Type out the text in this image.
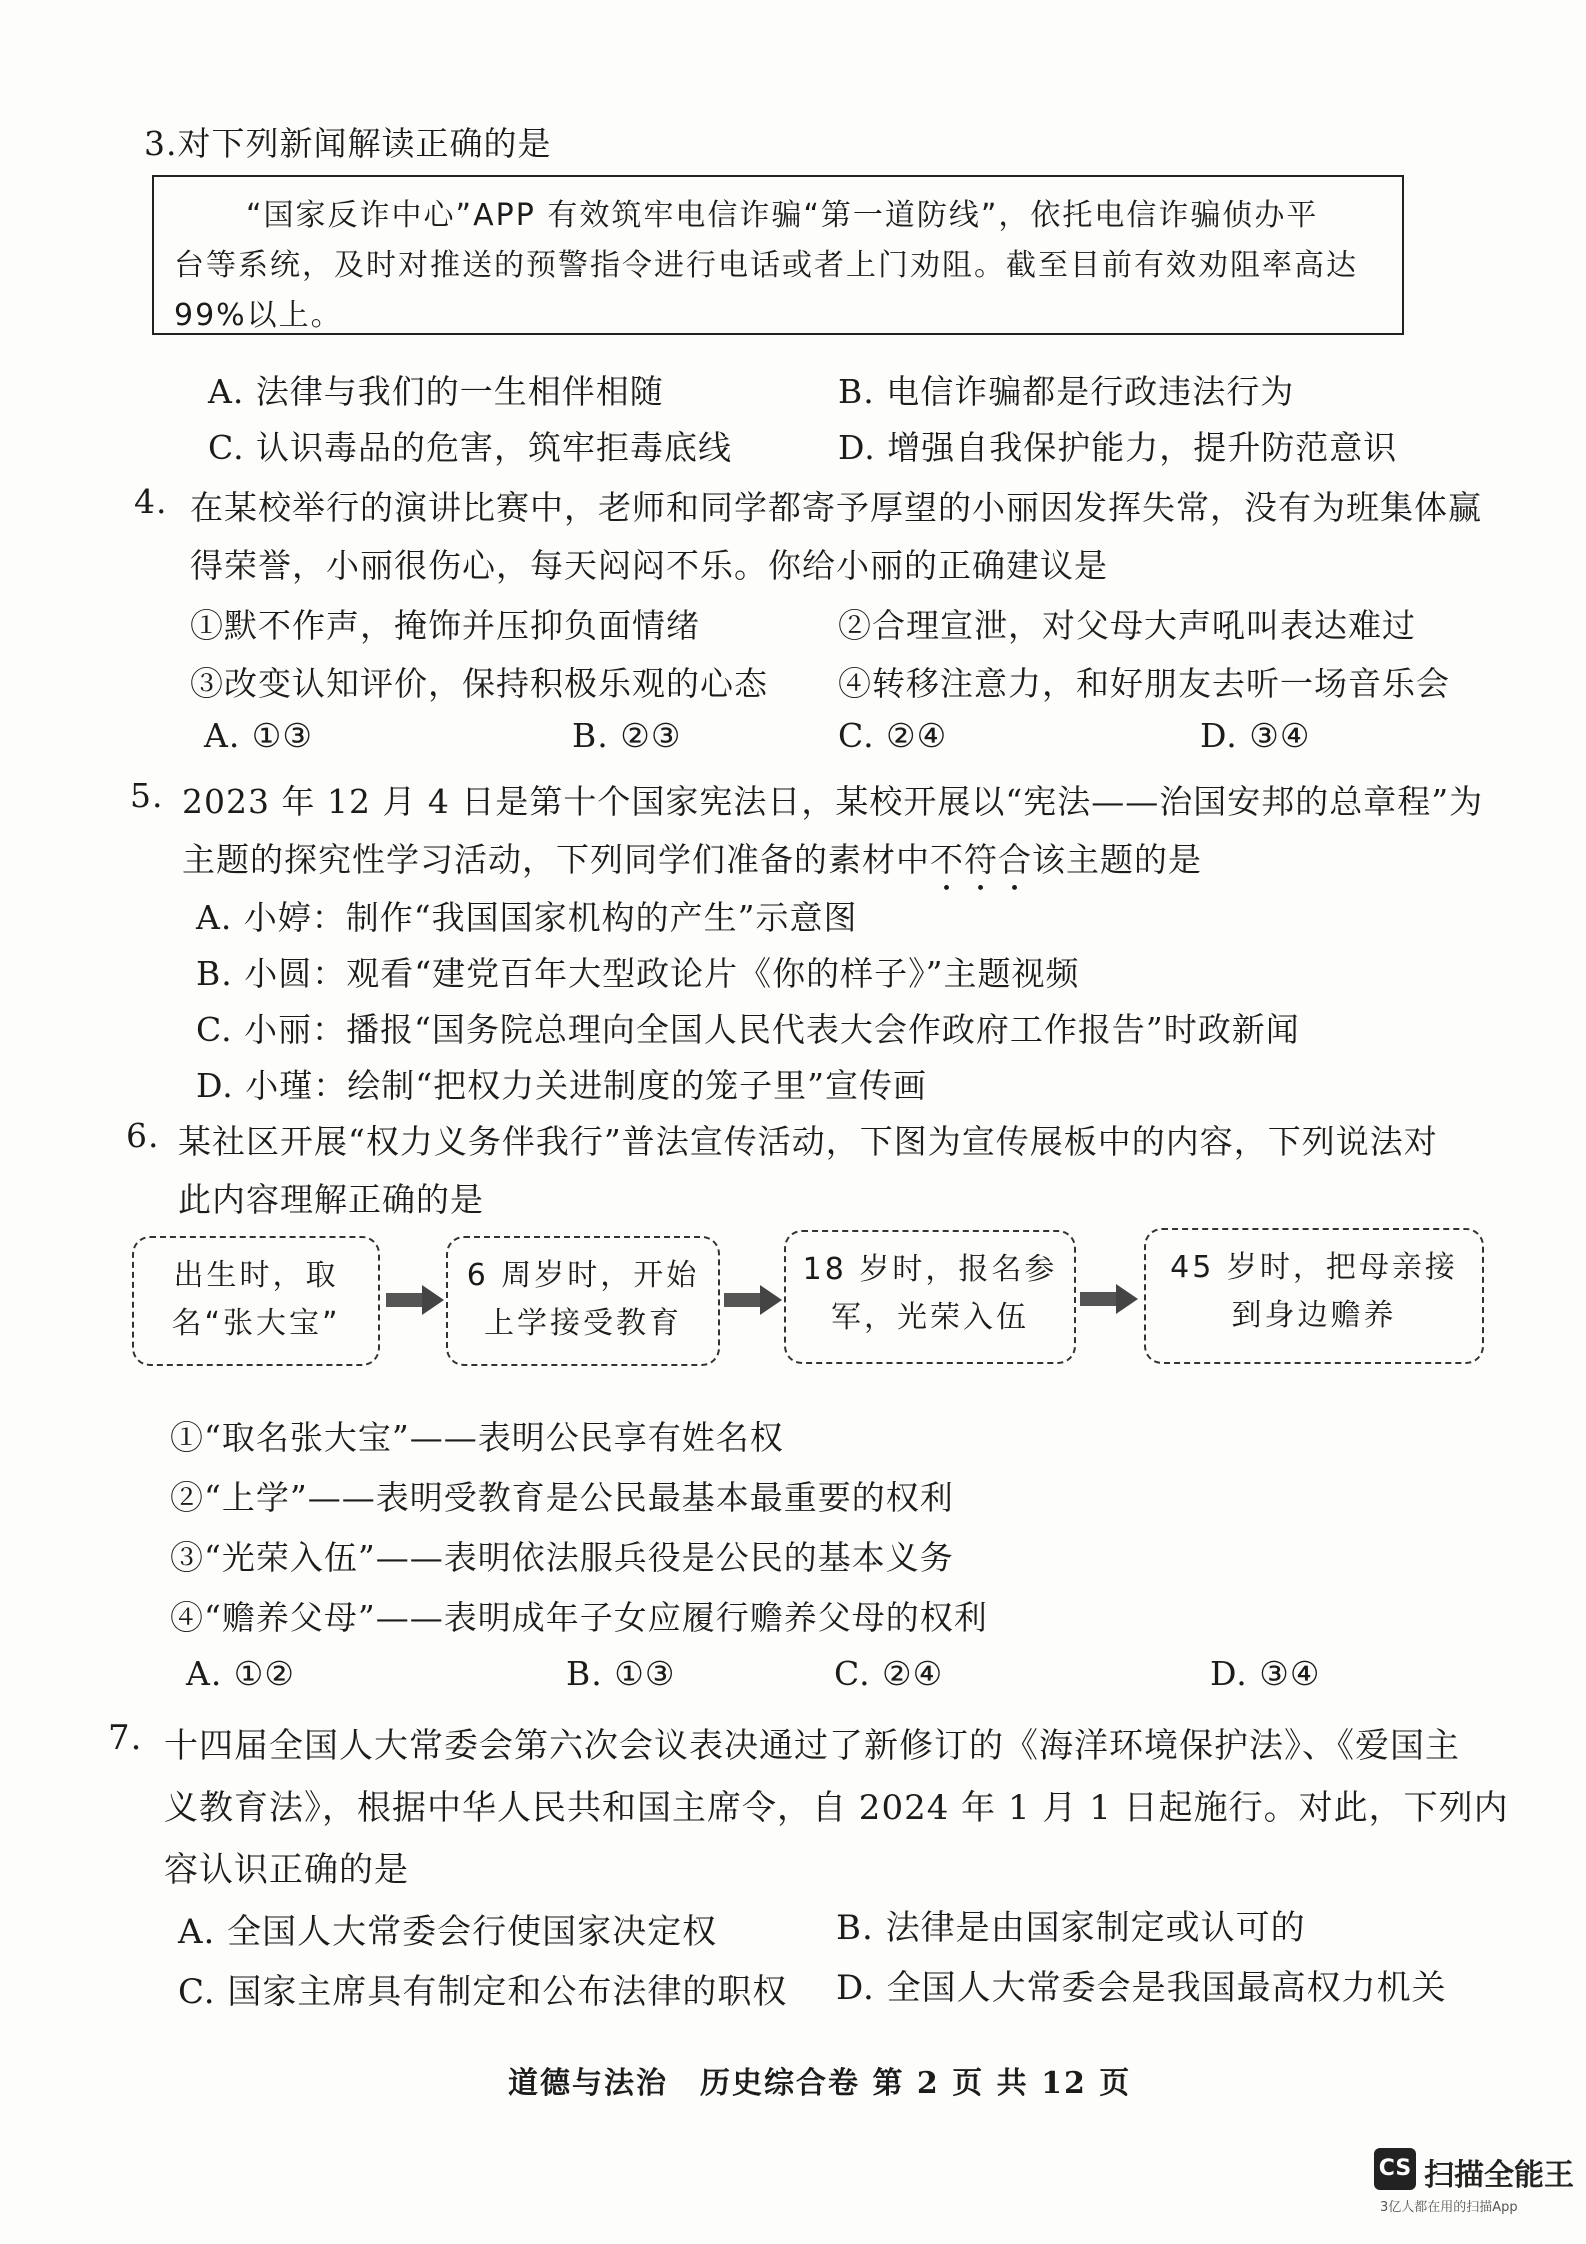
3.对下列新闻解读正确的是
“国家反诈中心”APP 有效筑牢电信诈骗“第一道防线”，依托电信诈骗侦办平
台等系统，及时对推送的预警指令进行电话或者上门劝阻。截至目前有效劝阻率高达
99%以上。
A. 法律与我们的一生相伴相随	B. 电信诈骗都是行政违法行为
C. 认识毒品的危害，筑牢拒毒底线	D. 增强自我保护能力，提升防范意识
4. 在某校举行的演讲比赛中，老师和同学都寄予厚望的小丽因发挥失常，没有为班集体赢
得荣誉，小丽很伤心，每天闷闷不乐。你给小丽的正确建议是
①默不作声，掩饰并压抑负面情绪	②合理宣泄，对父母大声吼叫表达难过
③改变认知评价，保持积极乐观的心态 ④转移注意力，和好朋友去听一场音乐会
A. ①③	B. ②③	C. ②④	D. ③④
5. 2023 年 12 月 4 日是第十个国家宪法日，某校开展以“宪法——治国安邦的总章程”为
主题的探究性学习活动，下列同学们准备的素材中不符合该主题的是
A. 小婷：制作“我国国家机构的产生”示意图
B. 小圆：观看“建党百年大型政论片《你的样子》”主题视频
C. 小丽：播报“国务院总理向全国人民代表大会作政府工作报告”时政新闻
D. 小瑾：绘制“把权力关进制度的笼子里”宣传画
6. 某社区开展“权力义务伴我行”普法宣传活动，下图为宣传展板中的内容，下列说法对
此内容理解正确的是
出生时，取
名“张大宝”
6 周岁时，开始
上学接受教育
18 岁时，报名参
军，光荣入伍
45 岁时，把母亲接
到身边赡养
①“取名张大宝”——表明公民享有姓名权
②“上学”——表明受教育是公民最基本最重要的权利
③“光荣入伍”——表明依法服兵役是公民的基本义务
④“赡养父母”——表明成年子女应履行赡养父母的权利
A. ①②	B. ①③	C. ②④	D. ③④
7. 十四届全国人大常委会第六次会议表决通过了新修订的《海洋环境保护法》、《爱国主
义教育法》，根据中华人民共和国主席令，自 2024 年 1 月 1 日起施行。对此，下列内
容认识正确的是
A. 全国人大常委会行使国家决定权	B. 法律是由国家制定或认可的
C. 国家主席具有制定和公布法律的职权 D. 全国人大常委会是我国最高权力机关
道德与法治　历史综合卷 第 2 页 共 12 页
CS 扫描全能王
3亿人都在用的扫描App
